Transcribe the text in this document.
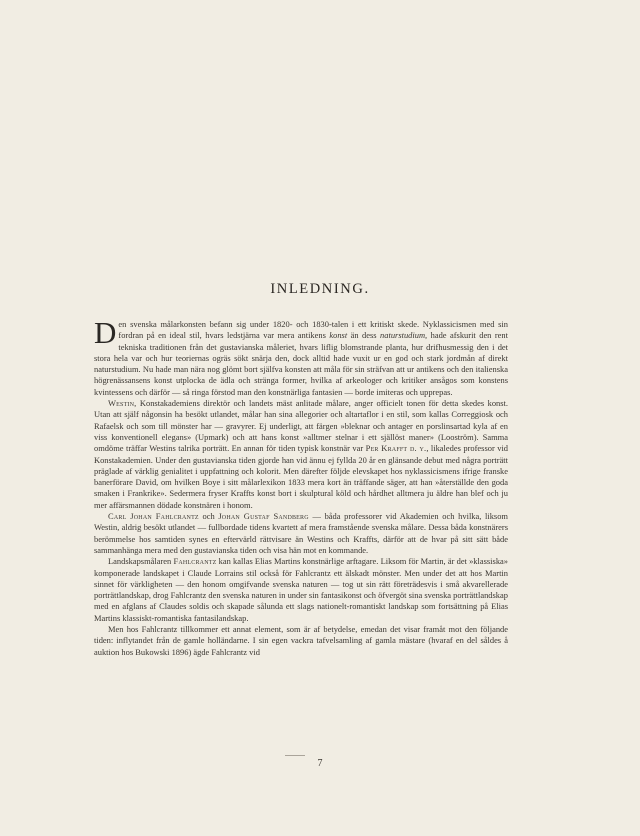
INLEDNING.

Den svenska målarkonsten befann sig under 1820- och 1830-talen i ett kritiskt skede. Nyklassicismen med sin fordran på en ideal stil, hvars ledstjärna var mera antikens konst än dess naturstudium, hade afskurit den rent tekniska traditionen från det gustavianska måleriet, hvars liflig blomstrande planta, hur drifhusmessig den i det stora hela var och hur teoriernas ogräs sökt snärja den, dock alltid hade vuxit ur en god och stark jordmån af direkt naturstudium. Nu hade man nära nog glömt bort själfva konsten att måla för sin sträfvan att ur antikens och den italienska högrenässansens konst utplocka de ädla och stränga former, hvilka af arkeologer och kritiker ansågos som konstens kvintessens och därför — så ringa förstod man den konstnärliga fantasien — borde imiteras och upprepas.

Westin, Konstakademiens direktör och landets mäst anlitade målare, anger officielt tonen för detta skedes konst. Utan att själf någonsin ha besökt utlandet, målar han sina allegorier och altartaflor i en stil, som kallas Correggiosk och Rafaelsk och som till mönster har — gravyrer. Ej underligt, att färgen »bleknar och antager en porslinsartad kyla af en viss konventionell elegans» (Upmark) och att hans konst »alltmer stelnar i ett själlöst maner» (Looström). Samma omdöme träffar Westins talrika porträtt. En annan för tiden typisk konstnär var Per Krafft d. y., likaledes professor vid Konstakademien. Under den gustavianska tiden gjorde han vid ännu ej fyllda 20 år en glänsande debut med några porträtt präglade af värklig genialitet i uppfattning och kolorit. Men därefter följde elevskapet hos nyklassicismens ifrige franske banerförare David, om hvilken Boye i sitt målarlexikon 1833 mera kort än träffande säger, att han »återställde den goda smaken i Frankrike». Sedermera fryser Kraffts konst bort i skulptural köld och hårdhet alltmera ju äldre han blef och ju mer affärsmannen dödade konstnären i honom.

Carl Johan Fahlcrantz och Johan Gustaf Sandberg — båda professorer vid Akademien och hvilka, liksom Westin, aldrig besökt utlandet — fullbordade tidens kvartett af mera framstående svenska målare. Dessa båda konstnärers berömmelse hos samtiden synes en eftervärld rättvisare än Westins och Kraffts, därför att de hvar på sitt sätt både sammanhänga mera med den gustavianska tiden och visa hän mot en kommande.

Landskapsmålaren Fahlcrantz kan kallas Elias Martins konstnärlige arftagare. Liksom för Martin, är det »klassiska» komponerade landskapet i Claude Lorrains stil också för Fahlcrantz ett älskadt mönster. Men under det att hos Martin sinnet för värkligheten — den honom omgifvande svenska naturen — tog ut sin rätt företrädesvis i små akvarellerade porträttlandskap, drog Fahlcrantz den svenska naturen in under sin fantasikonst och öfvergöt sina svenska porträttlandskap med en afglans af Claudes soldis och skapade sålunda ett slags nationelt-romantiskt landskap som fortsättning på Elias Martins klassiskt-romantiska fantasilandskap.

Men hos Fahlcrantz tillkommer ett annat element, som är af betydelse, emedan det visar framåt mot den följande tiden: inflytandet från de gamle holländarne. I sin egen vackra tafvelsamling af gamla mästare (hvaraf en del såldes å auktion hos Bukowski 1896) ägde Fahlcrantz vid

7
